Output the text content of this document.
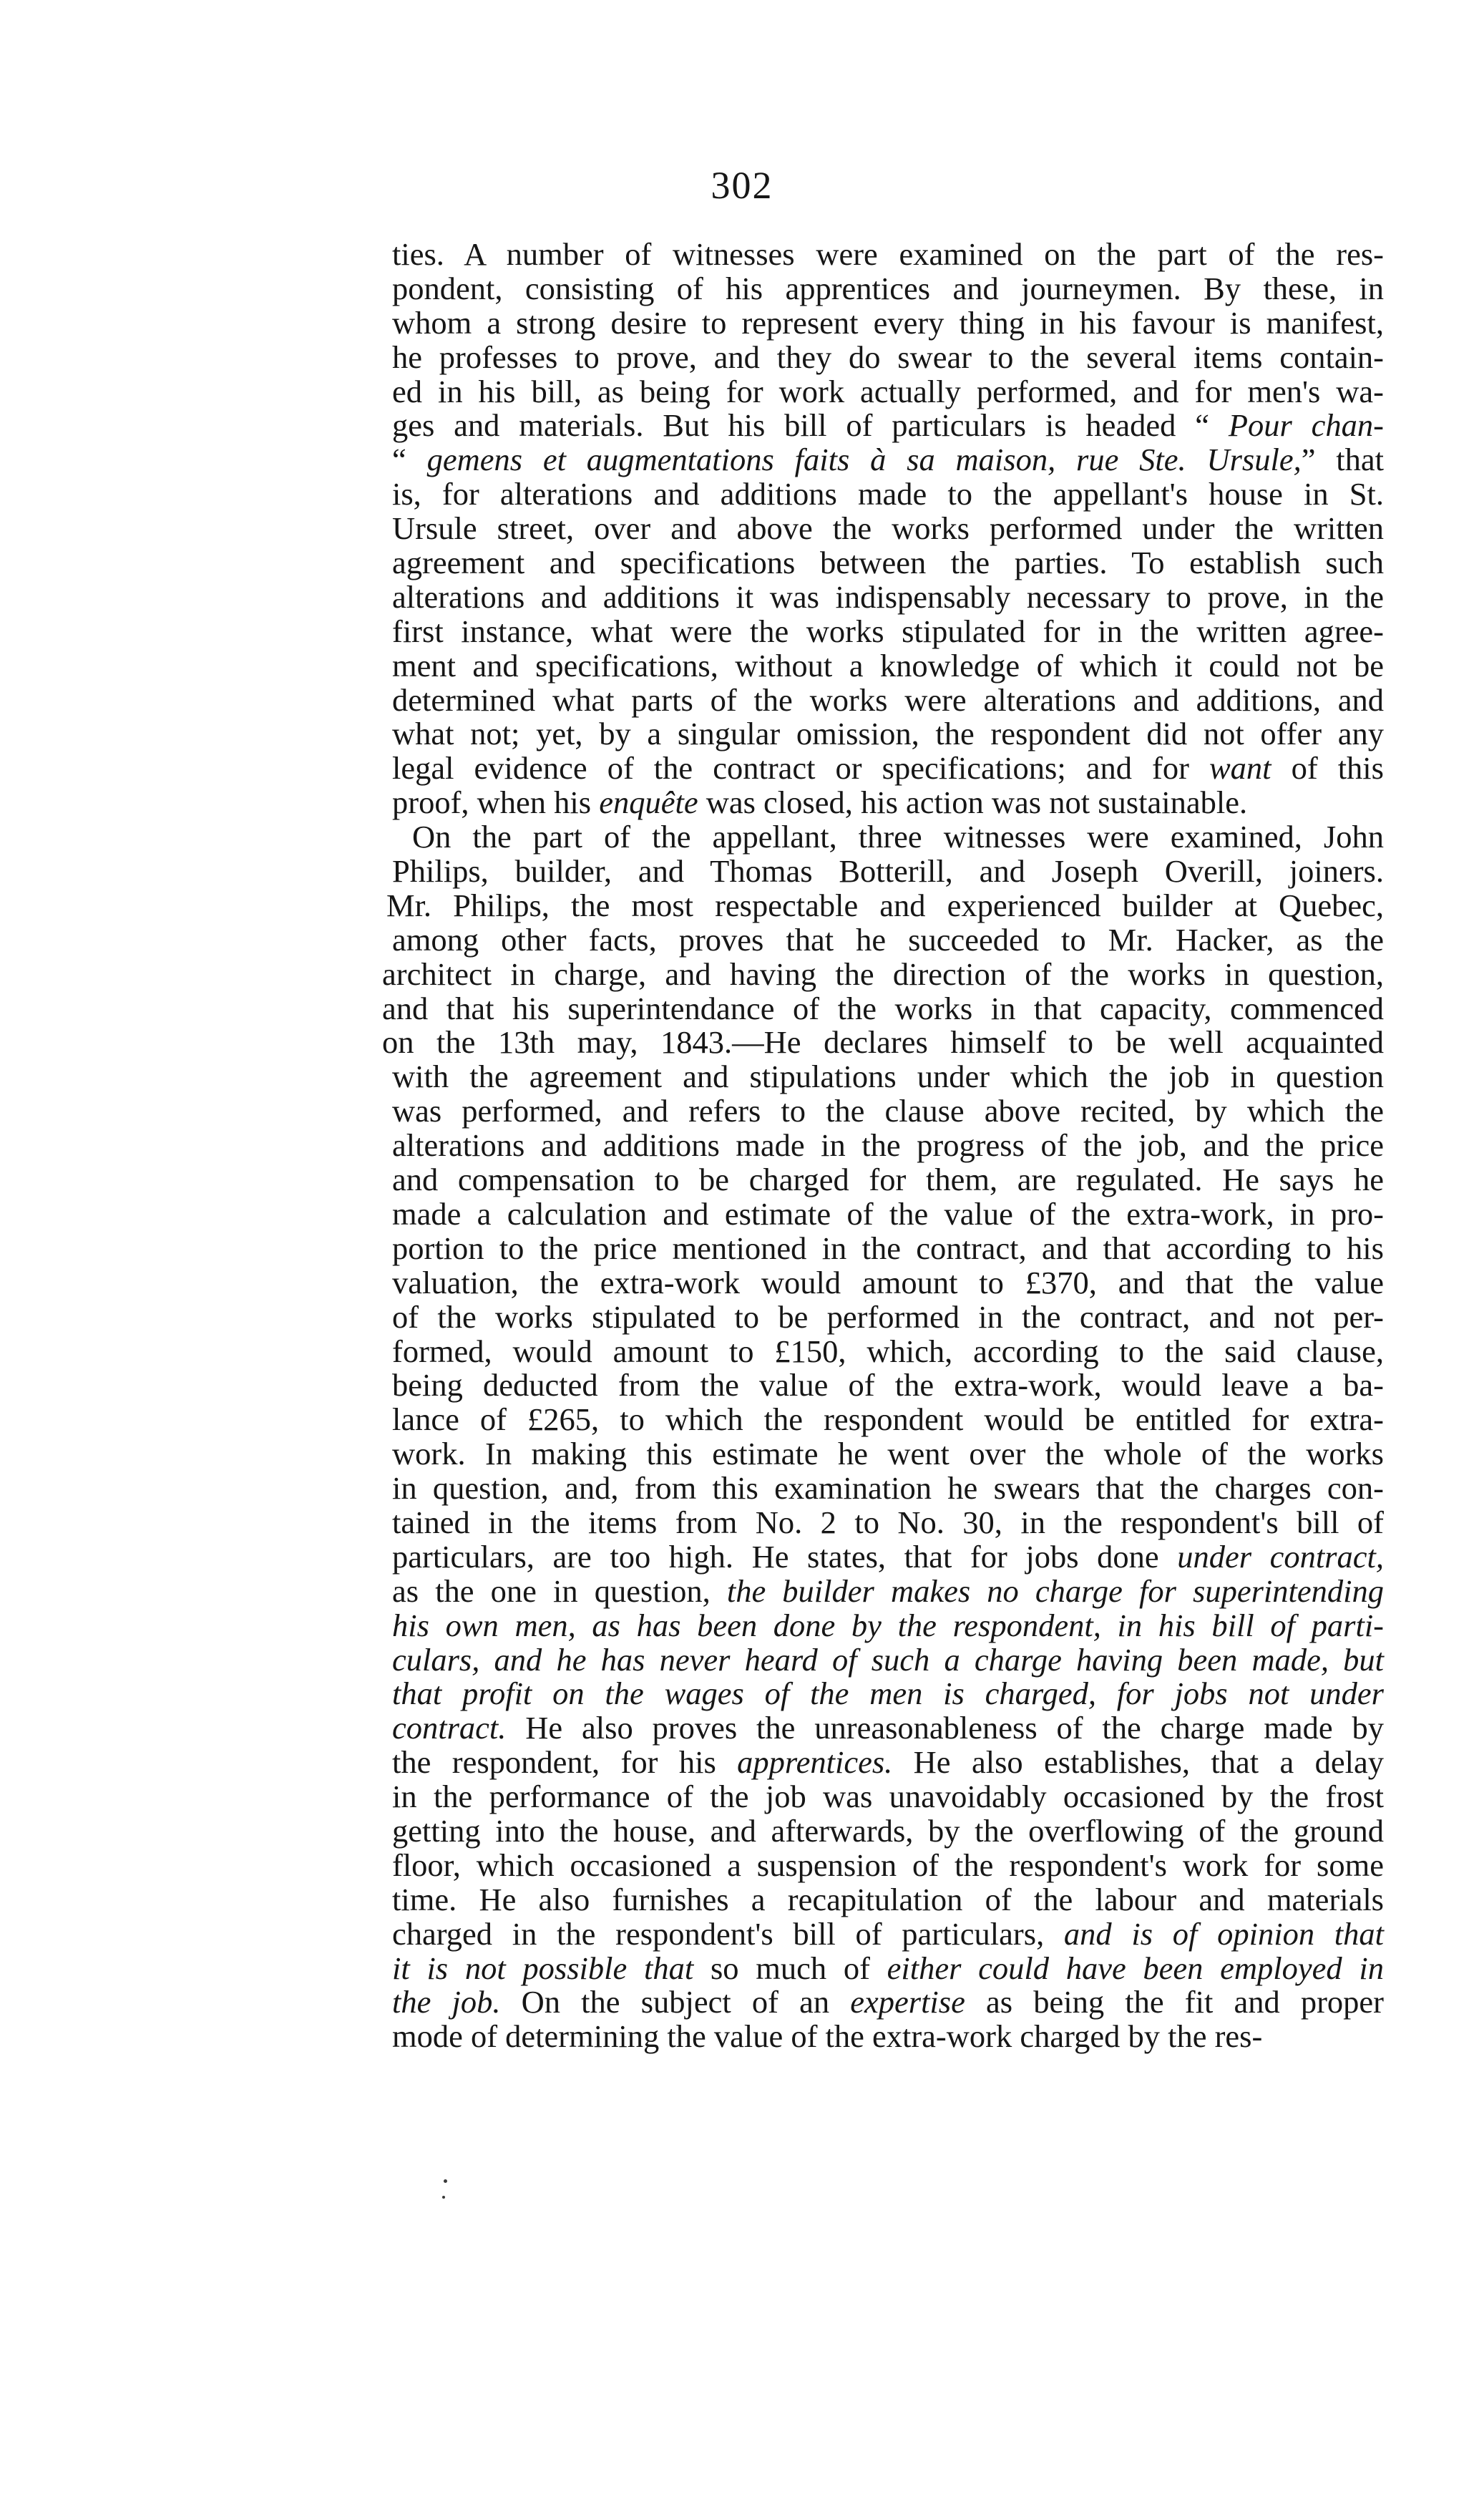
302
ties. A number of witnesses were examined on the part of the res-
pondent, consisting of his apprentices and journeymen. By these, in
whom a strong desire to represent every thing in his favour is manifest,
he professes to prove, and they do swear to the several items contain-
ed in his bill, as being for work actually performed, and for men's wa-
ges and materials. But his bill of particulars is headed “ Pour chan-
“ gemens et augmentations faits à sa maison, rue Ste. Ursule,” that
is, for alterations and additions made to the appellant's house in St.
Ursule street, over and above the works performed under the written
agreement and specifications between the parties. To establish such
alterations and additions it was indispensably necessary to prove, in the
first instance, what were the works stipulated for in the written agree-
ment and specifications, without a knowledge of which it could not be
determined what parts of the works were alterations and additions, and
what not; yet, by a singular omission, the respondent did not offer any
legal evidence of the contract or specifications; and for want of this
proof, when his enquête was closed, his action was not sustainable.
On the part of the appellant, three witnesses were examined, John
Philips, builder, and Thomas Botterill, and Joseph Overill, joiners.
Mr. Philips, the most respectable and experienced builder at Quebec,
among other facts, proves that he succeeded to Mr. Hacker, as the
architect in charge, and having the direction of the works in question,
and that his superintendance of the works in that capacity, commenced
on the 13th may, 1843.—He declares himself to be well acquainted
with the agreement and stipulations under which the job in question
was performed, and refers to the clause above recited, by which the
alterations and additions made in the progress of the job, and the price
and compensation to be charged for them, are regulated. He says he
made a calculation and estimate of the value of the extra-work, in pro-
portion to the price mentioned in the contract, and that according to his
valuation, the extra-work would amount to £370, and that the value
of the works stipulated to be performed in the contract, and not per-
formed, would amount to £150, which, according to the said clause,
being deducted from the value of the extra-work, would leave a ba-
lance of £265, to which the respondent would be entitled for extra-
work. In making this estimate he went over the whole of the works
in question, and, from this examination he swears that the charges con-
tained in the items from No. 2 to No. 30, in the respondent's bill of
particulars, are too high. He states, that for jobs done under contract,
as the one in question, the builder makes no charge for superintending
his own men, as has been done by the respondent, in his bill of parti-
culars, and he has never heard of such a charge having been made, but
that profit on the wages of the men is charged, for jobs not under
contract. He also proves the unreasonableness of the charge made by
the respondent, for his apprentices. He also establishes, that a delay
in the performance of the job was unavoidably occasioned by the frost
getting into the house, and afterwards, by the overflowing of the ground
floor, which occasioned a suspension of the respondent's work for some
time. He also furnishes a recapitulation of the labour and materials
charged in the respondent's bill of particulars, and is of opinion that
it is not possible that so much of either could have been employed in
the job. On the subject of an expertise as being the fit and proper
mode of determining the value of the extra-work charged by the res-
